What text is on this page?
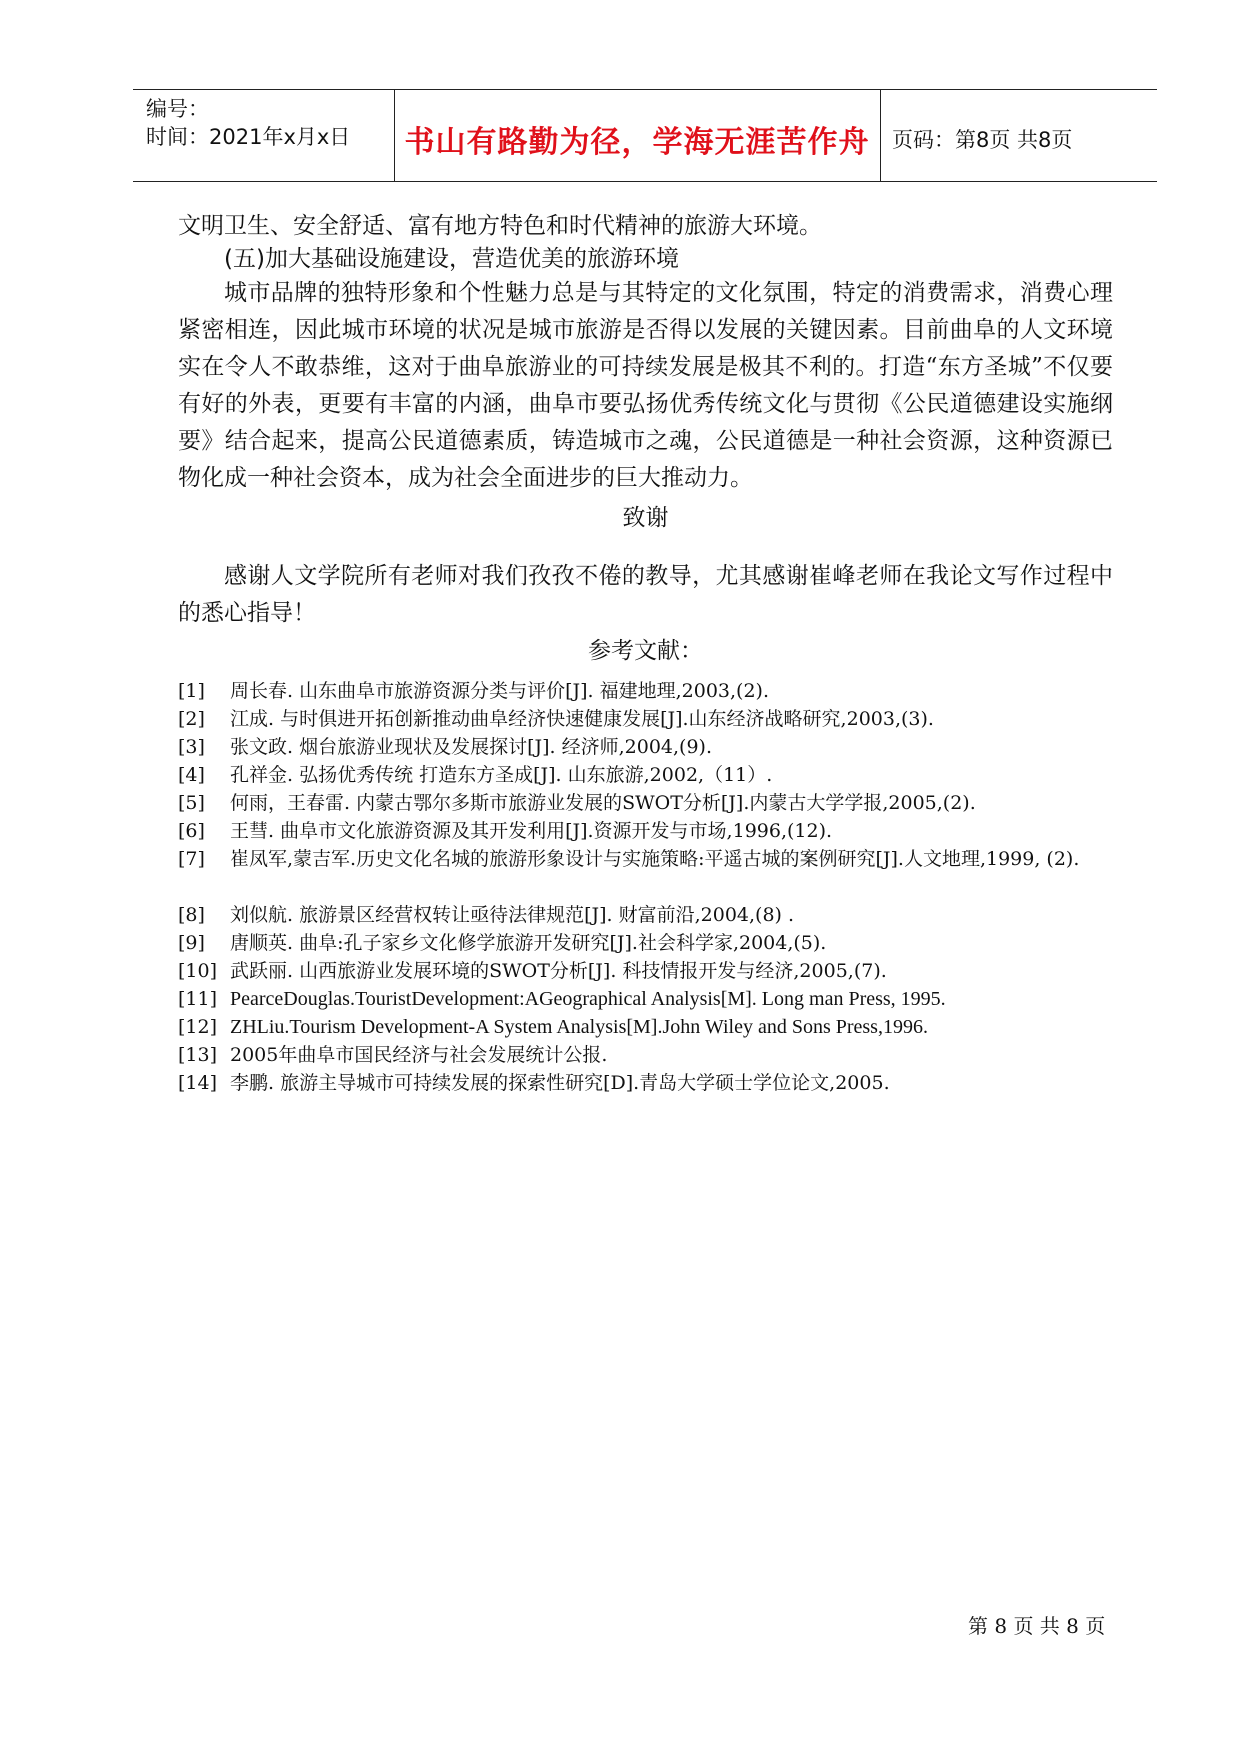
编号：
时间：2021年x月x日 书山有路勤为径，学海无涯苦作舟	页码：第8页 共8页

文明卫生、安全舒适、富有地方特色和时代精神的旅游大环境。

(五)加大基础设施建设，营造优美的旅游环境

城市品牌的独特形象和个性魅力总是与其特定的文化氛围，特定的消费需求，消费心理紧密相连，因此城市环境的状况是城市旅游是否得以发展的关键因素。目前曲阜的人文环境实在令人不敢恭维，这对于曲阜旅游业的可持续发展是极其不利的。打造“东方圣城”不仅要有好的外表，更要有丰富的内涵，曲阜市要弘扬优秀传统文化与贯彻《公民道德建设实施纲要》结合起来，提高公民道德素质，铸造城市之魂，公民道德是一种社会资源，这种资源已物化成一种社会资本，成为社会全面进步的巨大推动力。

致谢

感谢人文学院所有老师对我们孜孜不倦的教导，尤其感谢崔峰老师在我论文写作过程中的悉心指导！

参考文献：
[1] 周长春. 山东曲阜市旅游资源分类与评价[J]. 福建地理,2003,(2).
[2] 江成. 与时俱进开拓创新推动曲阜经济快速健康发展[J].山东经济战略研究,2003,(3).
[3] 张文政. 烟台旅游业现状及发展探讨[J]. 经济师,2004,(9).
[4] 孔祥金. 弘扬优秀传统 打造东方圣成[J]. 山东旅游,2002,（11）.
[5] 何雨，王春雷. 内蒙古鄂尔多斯市旅游业发展的SWOT分析[J].内蒙古大学学报,2005,(2).
[6] 王彗. 曲阜市文化旅游资源及其开发利用[J].资源开发与市场,1996,(12).
[7] 崔凤军,蒙吉军.历史文化名城的旅游形象设计与实施策略:平遥古城的案例研究[J].人文地理,1999, (2).
[8] 刘似航. 旅游景区经营权转让亟待法律规范[J]. 财富前沿,2004,(8) .
[9] 唐顺英. 曲阜:孔子家乡文化修学旅游开发研究[J].社会科学家,2004,(5).
[10] 武跃丽. 山西旅游业发展环境的SWOT分析[J]. 科技情报开发与经济,2005,(7).
[11] PearceDouglas.TouristDevelopment:AGeographical Analysis[M]. Long man Press, 1995.
[12] ZHLiu.Tourism Development-A System Analysis[M].John Wiley and Sons Press,1996.
[13] 2005年曲阜市国民经济与社会发展统计公报.
[14] 李鹏. 旅游主导城市可持续发展的探索性研究[D].青岛大学硕士学位论文,2005.
第 8 页 共 8 页
